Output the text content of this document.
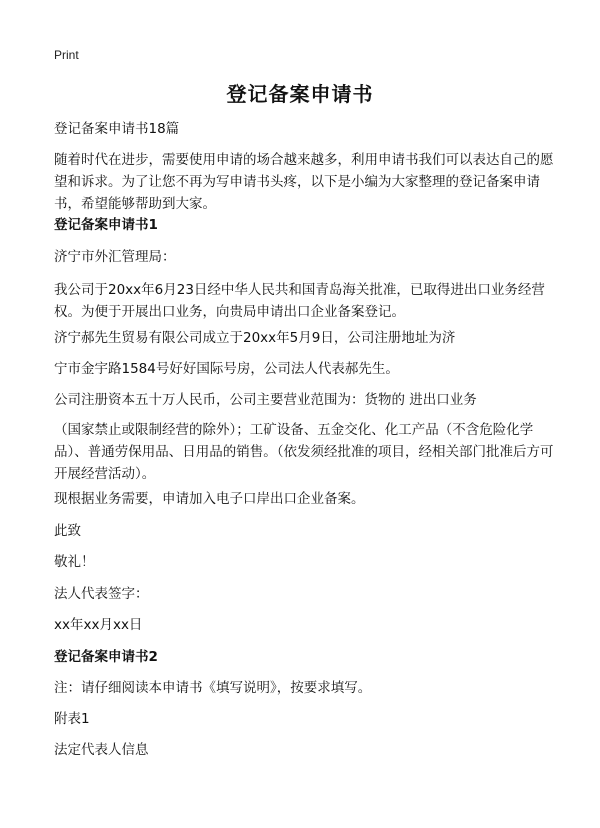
Print
登记备案申请书

登记备案申请书18篇

随着时代在进步，需要使用申请的场合越来越多，利用申请书我们可以表达自己的愿望和诉求。为了让您不再为写申请书头疼，以下是小编为大家整理的登记备案申请书，希望能够帮助到大家。

登记备案申请书1

济宁市外汇管理局：

我公司于20xx年6月23日经中华人民共和国青岛海关批准，已取得进出口业务经营权。为便于开展出口业务，向贵局申请出口企业备案登记。

济宁郝先生贸易有限公司成立于20xx年5月9日，公司注册地址为济

宁市金宇路1584号好好国际号房，公司法人代表郝先生。

公司注册资本五十万人民币，公司主要营业范围为：货物的 进出口业务

（国家禁止或限制经营的除外）；工矿设备、五金交化、化工产品（不含危险化学品）、普通劳保用品、日用品的销售。（依发须经批准的项目，经相关部门批准后方可开展经营活动）。

现根据业务需要，申请加入电子口岸出口企业备案。

此致

敬礼！

法人代表签字：

xx年xx月xx日

登记备案申请书2

注：请仔细阅读本申请书《填写说明》，按要求填写。

附表1

法定代表人信息
